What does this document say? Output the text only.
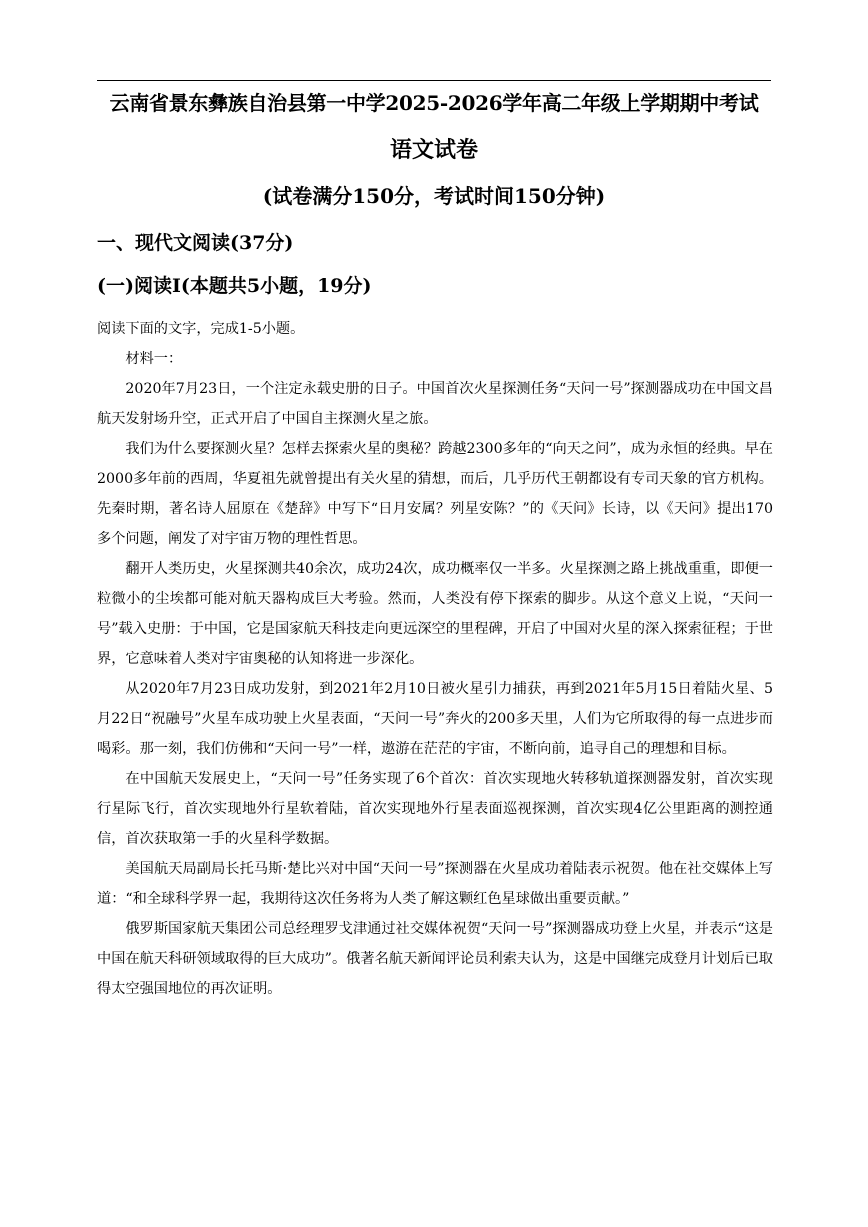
云南省景东彝族自治县第一中学2025-2026学年高二年级上学期期中考试
语文试卷
(试卷满分150分，考试时间150分钟)
一、现代文阅读(37分)
(一)阅读Ⅰ(本题共5小题，19分)

阅读下面的文字，完成1-5小题。

材料一：

2020年7月23日，一个注定永载史册的日子。中国首次火星探测任务“天问一号”探测器成功在中国文昌航天发射场升空，正式开启了中国自主探测火星之旅。

我们为什么要探测火星？怎样去探索火星的奥秘？跨越2300多年的“向天之问”，成为永恒的经典。早在2000多年前的西周，华夏祖先就曾提出有关火星的猜想，而后，几乎历代王朝都设有专司天象的官方机构。先秦时期，著名诗人屈原在《楚辞》中写下“日月安属？列星安陈？”的《天问》长诗，以《天问》提出170多个问题，阐发了对宇宙万物的理性哲思。

翻开人类历史，火星探测共40余次，成功24次，成功概率仅一半多。火星探测之路上挑战重重，即便一粒微小的尘埃都可能对航天器构成巨大考验。然而，人类没有停下探索的脚步。从这个意义上说，“天问一号”载入史册：于中国，它是国家航天科技走向更远深空的里程碑，开启了中国对火星的深入探索征程；于世界，它意味着人类对宇宙奥秘的认知将进一步深化。

从2020年7月23日成功发射，到2021年2月10日被火星引力捕获，再到2021年5月15日着陆火星、5月22日“祝融号”火星车成功驶上火星表面，“天问一号”奔火的200多天里，人们为它所取得的每一点进步而喝彩。那一刻，我们仿佛和“天问一号”一样，遨游在茫茫的宇宙，不断向前，追寻自己的理想和目标。

在中国航天发展史上，“天问一号”任务实现了6个首次：首次实现地火转移轨道探测器发射，首次实现行星际飞行，首次实现地外行星软着陆，首次实现地外行星表面巡视探测，首次实现4亿公里距离的测控通信，首次获取第一手的火星科学数据。

美国航天局副局长托马斯·楚比兴对中国“天问一号”探测器在火星成功着陆表示祝贺。他在社交媒体上写道：“和全球科学界一起，我期待这次任务将为人类了解这颗红色星球做出重要贡献。”

俄罗斯国家航天集团公司总经理罗戈津通过社交媒体祝贺“天问一号”探测器成功登上火星，并表示“这是中国在航天科研领域取得的巨大成功”。俄著名航天新闻评论员利索夫认为，这是中国继完成登月计划后已取得太空强国地位的再次证明。
